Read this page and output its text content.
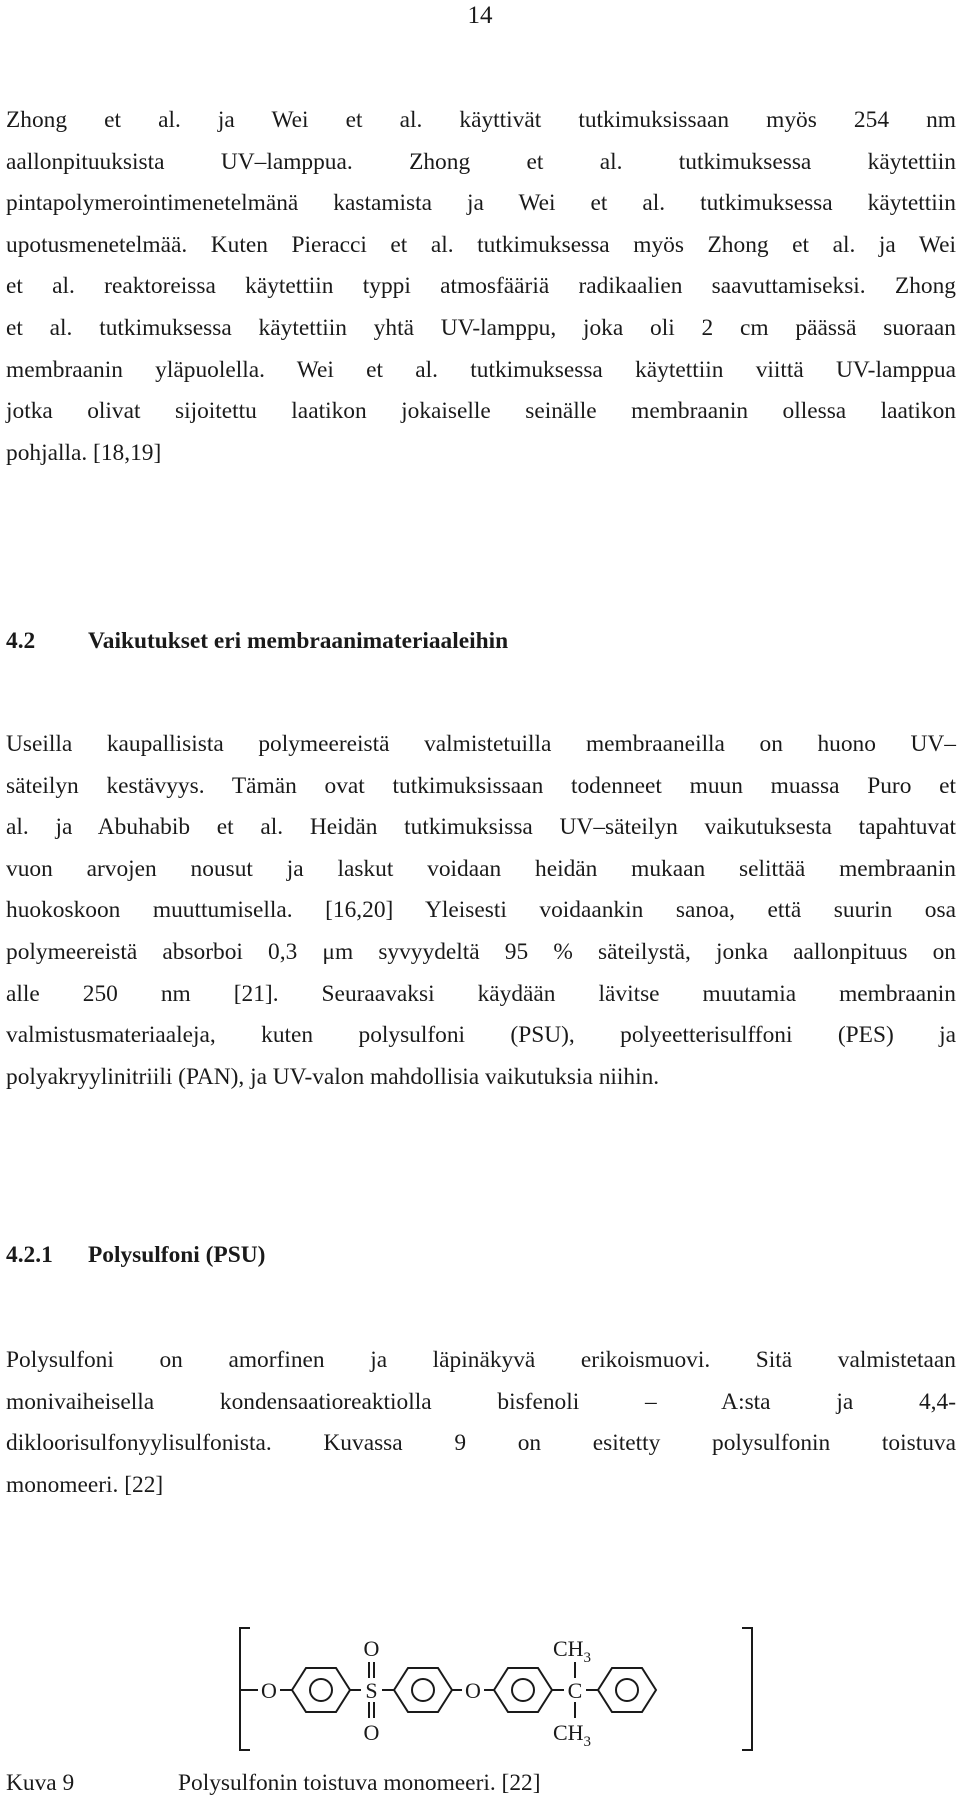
14
Zhong et al. ja Wei et al. käyttivät tutkimuksissaan myös 254 nm
aallonpituuksista UV–lamppua. Zhong et al. tutkimuksessa käytettiin
pintapolymerointimenetelmänä kastamista ja Wei et al. tutkimuksessa käytettiin
upotusmenetelmää. Kuten Pieracci et al. tutkimuksessa myös Zhong et al. ja Wei
et al. reaktoreissa käytettiin typpi atmosfääriä radikaalien saavuttamiseksi. Zhong
et al. tutkimuksessa käytettiin yhtä UV-lamppu, joka oli 2 cm päässä suoraan
membraanin yläpuolella. Wei et al. tutkimuksessa käytettiin viittä UV-lamppua
jotka olivat sijoitettu laatikon jokaiselle seinälle membraanin ollessa laatikon
pohjalla. [18,19]
4.2 Vaikutukset eri membraanimateriaaleihin
Useilla kaupallisista polymeereistä valmistetuilla membraaneilla on huono UV–
säteilyn kestävyys. Tämän ovat tutkimuksissaan todenneet muun muassa Puro et
al. ja Abuhabib et al. Heidän tutkimuksissa UV–säteilyn vaikutuksesta tapahtuvat
vuon arvojen nousut ja laskut voidaan heidän mukaan selittää membraanin
huokoskoon muuttumisella. [16,20] Yleisesti voidaankin sanoa, että suurin osa
polymeereistä absorboi 0,3 μm syvyydeltä 95 % säteilystä, jonka aallonpituus on
alle 250 nm [21]. Seuraavaksi käydään lävitse muutamia membraanin
valmistusmateriaaleja, kuten polysulfoni (PSU), polyeetterisulffoni (PES) ja
polyakryylinitriili (PAN), ja UV-valon mahdollisia vaikutuksia niihin.
4.2.1 Polysulfoni (PSU)
Polysulfoni on amorfinen ja läpinäkyvä erikoismuovi. Sitä valmistetaan
monivaiheisella kondensaatioreaktiolla bisfenoli – A:sta ja 4,4-
dikloorisulfonyylisulfonista. Kuvassa 9 on esitetty polysulfonin toistuva
monomeeri. [22]
O
O
S
O
O	C
$CH_3$
$CH_3$
Kuva 9	Polysulfonin toistuva monomeeri. [22]
